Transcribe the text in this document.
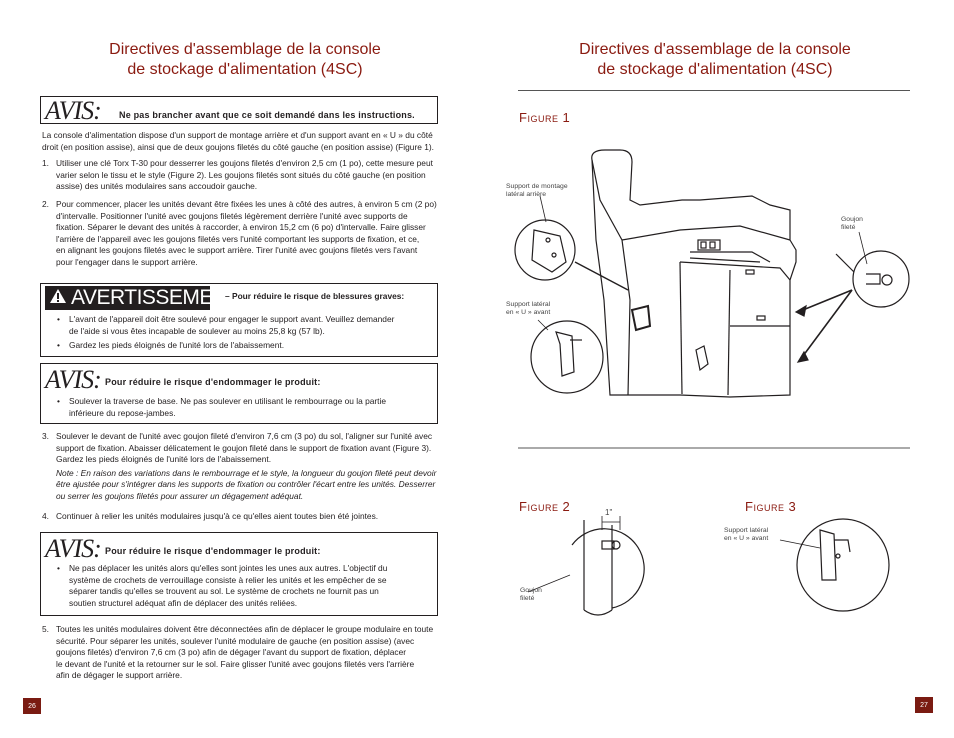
Directives d'assemblage de la console
de stockage d'alimentation (4SC)
AVIS: Ne pas brancher avant que ce soit demandé dans les instructions.
La console d'alimentation dispose d'un support de montage arrière et d'un support avant en « U » du côté
droit (en position assise), ainsi que de deux goujons filetés du côté gauche (en position assise) (Figure 1).
1. Utiliser une clé Torx T-30 pour desserrer les goujons filetés d'environ 2,5 cm (1 po), cette mesure peut
varier selon le tissu et le style (Figure 2). Les goujons filetés sont situés du côté gauche (en position
assise) des unités modulaires sans accoudoir gauche.
2. Pour commencer, placer les unités devant être fixées les unes à côté des autres, à environ 5 cm (2 po)
d'intervalle. Positionner l'unité avec goujons filetés légèrement derrière l'unité avec supports de
fixation. Séparer le devant des unités à raccorder, à environ 15,2 cm (6 po) d'intervalle. Faire glisser
l'arrière de l'appareil avec les goujons filetés vers l'unité comportant les supports de fixation, et ce,
en alignant les goujons filetés avec le support arrière. Tirer l'unité avec goujons filetés vers l'avant
pour l'engager dans le support arrière.
AVERTISSEMENT
– Pour réduire le risque de blessures graves:
• L'avant de l'appareil doit être soulevé pour engager le support avant. Veuillez demander
de l'aide si vous êtes incapable de soulever au moins 25,8 kg (57 lb).
• Gardez les pieds éloignés de l'unité lors de l'abaissement.
AVIS: Pour réduire le risque d'endommager le produit:
• Soulever la traverse de base. Ne pas soulever en utilisant le rembourrage ou la partie
inférieure du repose-jambes.
3. Soulever le devant de l'unité avec goujon fileté d'environ 7,6 cm (3 po) du sol, l'aligner sur l'unité avec
support de fixation. Abaisser délicatement le goujon fileté dans le support de fixation avant (Figure 3).
Gardez les pieds éloignés de l'unité lors de l'abaissement.
Note : En raison des variations dans le rembourrage et le style, la longueur du goujon fileté peut devoir
être ajustée pour s'intégrer dans les supports de fixation ou contrôler l'écart entre les unités. Desserrer
ou serrer les goujons filetés pour assurer un dégagement adéquat.
4. Continuer à relier les unités modulaires jusqu'à ce qu'elles aient toutes bien été jointes.
AVIS: Pour réduire le risque d'endommager le produit:
• Ne pas déplacer les unités alors qu'elles sont jointes les unes aux autres. L'objectif du
système de crochets de verrouillage consiste à relier les unités et les empêcher de se
séparer tandis qu'elles se trouvent au sol. Le système de crochets ne fournit pas un
soutien structurel adéquat afin de déplacer des unités reliées.
5. Toutes les unités modulaires doivent être déconnectées afin de déplacer le groupe modulaire en toute
sécurité. Pour séparer les unités, soulever l'unité modulaire de gauche (en position assise) (avec
goujons filetés) d'environ 7,6 cm (3 po) afin de dégager l'avant du support de fixation, déplacer
le devant de l'unité et la retourner sur le sol. Faire glisser l'unité avec goujons filetés vers l'arrière
afin de dégager le support arrière.
26
Directives d'assemblage de la console
de stockage d'alimentation (4SC)
Figure 1
Support de montage
latéral arrière
Goujon
fileté
Support latéral
en « U » avant
Figure 2	1"
Goujon
fileté
Figure 3
Support latéral
en « U » avant
27
